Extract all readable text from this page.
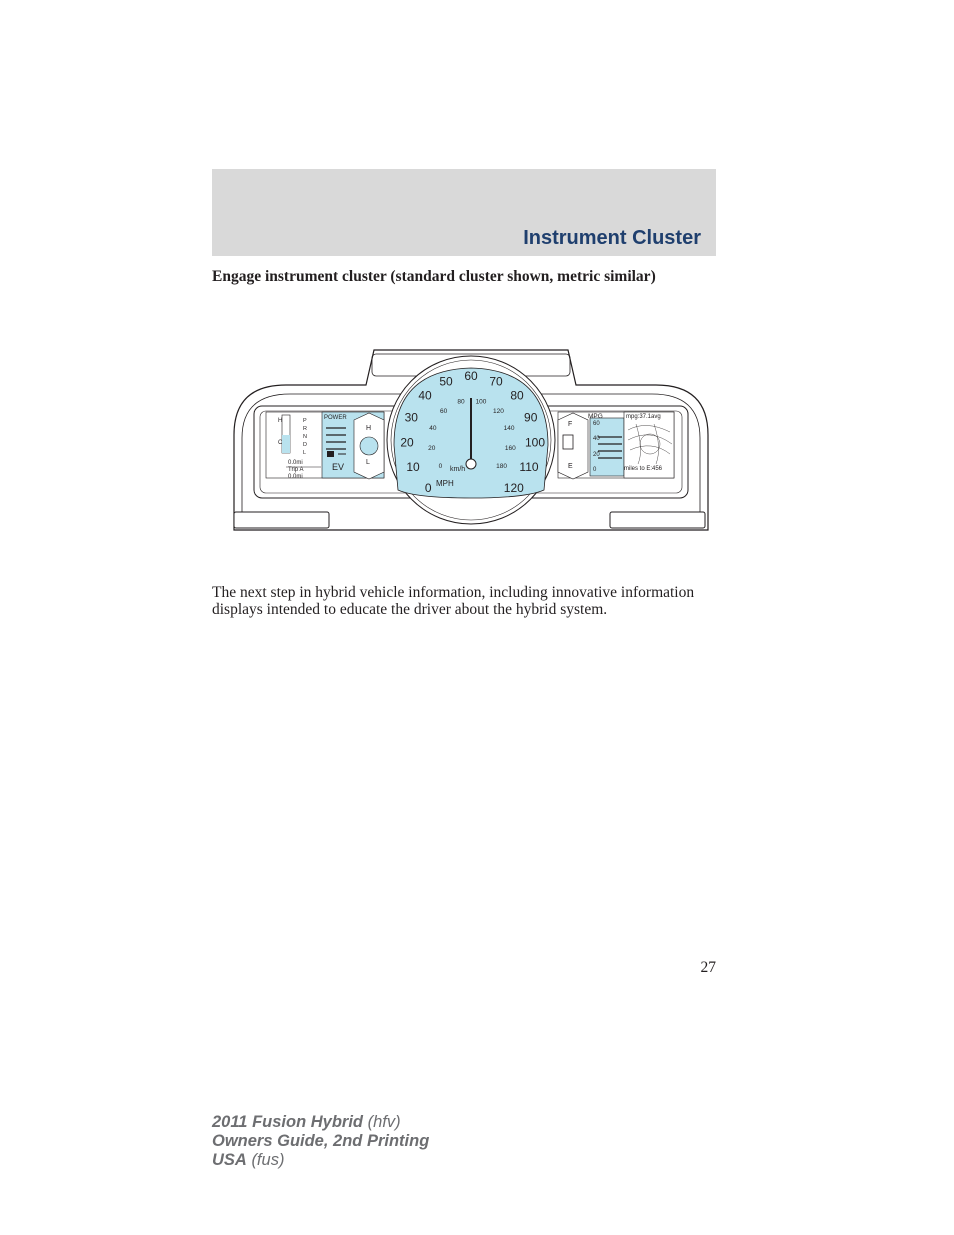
Instrument Cluster
Engage instrument cluster (standard cluster shown, metric similar)
H
C
P
R
N
D
L
0.0mi
Trip A
0.0mi
POWER
EV
H
L
0
10
20
30
40
50 60 70
80
90
100
110
120
0
20
40
60
80 100
120
140
160
180
MPH
km/h
F
E
MPG
60
40
20
0
mpg:37.1avg
miles to E:456
The next step in hybrid vehicle information, including innovative information displays intended to educate the driver about the hybrid system.
27
2011 Fusion Hybrid (hfv)
Owners Guide, 2nd Printing
USA (fus)
